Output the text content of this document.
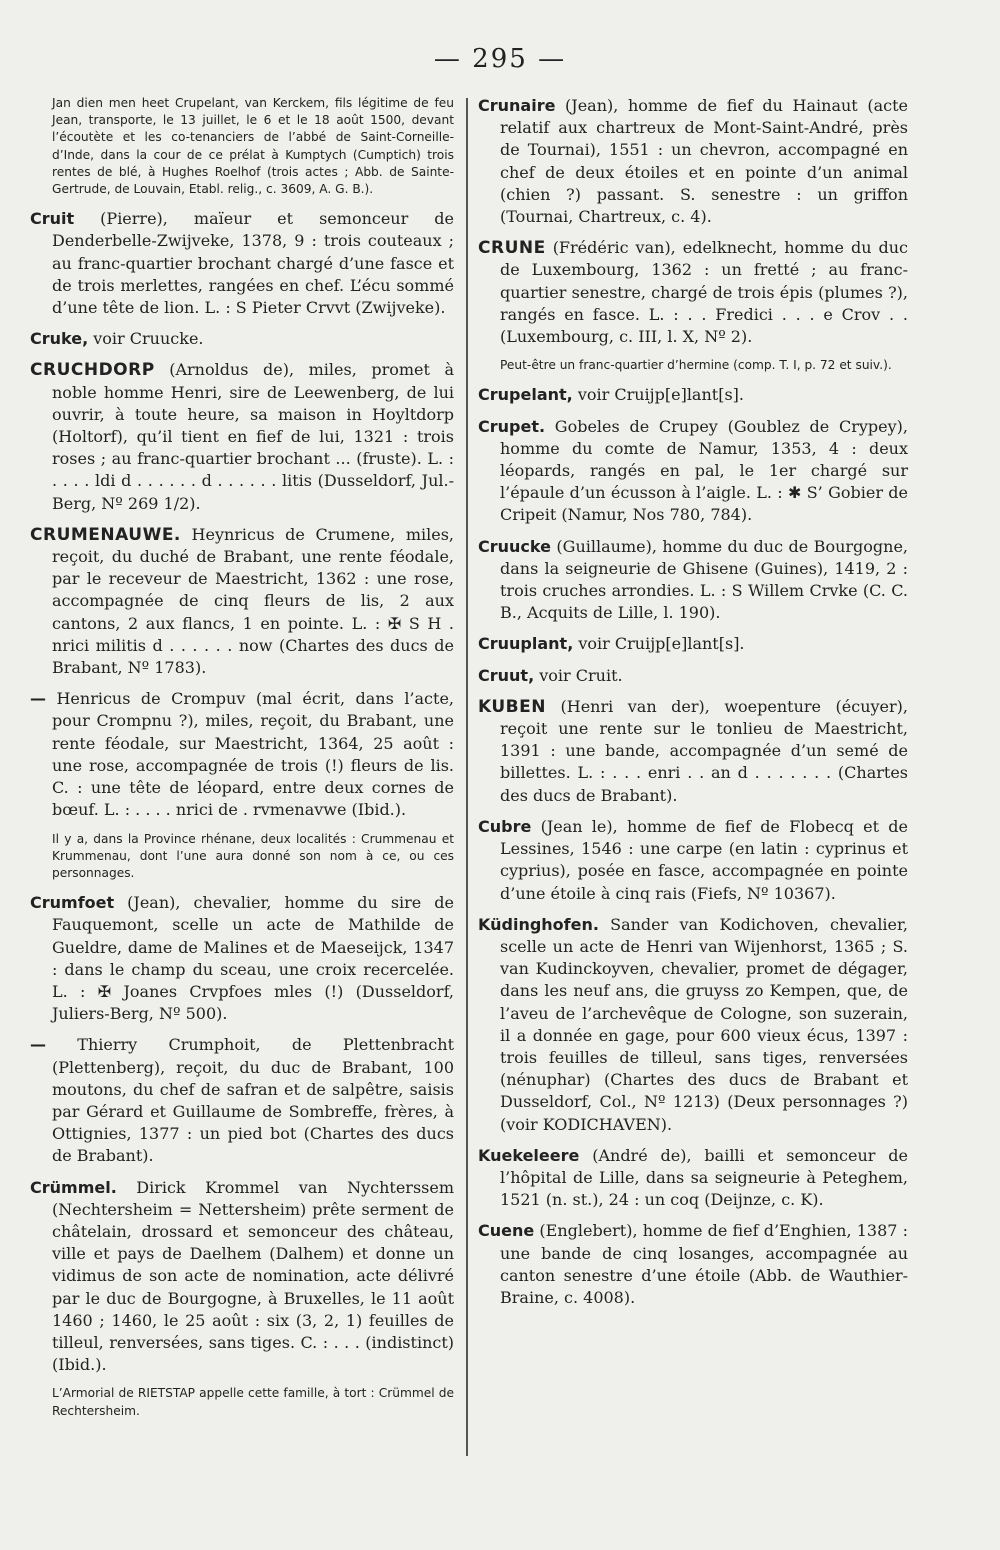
— 295 —

Jan dien men heet Crupelant, van Kerckem, fils légitime de feu Jean, transporte, le 13 juillet, le 6 et le 18 août 1500, devant l’écoutète et les co-tenanciers de l’abbé de Saint-Corneille-d’Inde, dans la cour de ce prélat à Kumptych (Cumptich) trois rentes de blé, à Hughes Roelhof (trois actes ; Abb. de Sainte-Gertrude, de Louvain, Etabl. relig., c. 3609, A. G. B.).

Cruit (Pierre), maïeur et semonceur de Denderbelle-Zwijveke, 1378, 9 : trois couteaux ; au franc-quartier brochant chargé d’une fasce et de trois merlettes, rangées en chef. L’écu sommé d’une tête de lion. L. : S Pieter Crvvt (Zwijveke).

Cruke, voir Cruucke.

CRUCHDORP (Arnoldus de), miles, promet à noble homme Henri, sire de Leewenberg, de lui ouvrir, à toute heure, sa maison in Hoyltdorp (Holtorf), qu’il tient en fief de lui, 1321 : trois roses ; au franc-quartier brochant ... (fruste). L. : . . . . ldi d . . . . . . d . . . . . . litis (Dusseldorf, Jul.-Berg, Nº 269 1/2).

CRUMENAUWE. Heynricus de Crumene, miles, reçoit, du duché de Brabant, une rente féodale, par le receveur de Maestricht, 1362 : une rose, accompagnée de cinq fleurs de lis, 2 aux cantons, 2 aux flancs, 1 en pointe. L. : ✠ S H . nrici militis d . . . . . . now (Chartes des ducs de Brabant, Nº 1783).

— Henricus de Crompuv (mal écrit, dans l’acte, pour Crompnu ?), miles, reçoit, du Brabant, une rente féodale, sur Maestricht, 1364, 25 août : une rose, accompagnée de trois (!) fleurs de lis. C. : une tête de léopard, entre deux cornes de bœuf. L. : . . . . nrici de . rvmenavwe (Ibid.).

Il y a, dans la Province rhénane, deux localités : Crummenau et Krummenau, dont l’une aura donné son nom à ce, ou ces personnages.

Crumfoet (Jean), chevalier, homme du sire de Fauquemont, scelle un acte de Mathilde de Gueldre, dame de Malines et de Maeseijck, 1347 : dans le champ du sceau, une croix recercelée. L. : ✠ Joanes Crvpfoes mles (!) (Dusseldorf, Juliers-Berg, Nº 500).

— Thierry Crumphoit, de Plettenbracht (Plettenberg), reçoit, du duc de Brabant, 100 moutons, du chef de safran et de salpêtre, saisis par Gérard et Guillaume de Sombreffe, frères, à Ottignies, 1377 : un pied bot (Chartes des ducs de Brabant).

Crümmel. Dirick Krommel van Nychterssem (Nechtersheim = Nettersheim) prête serment de châtelain, drossard et semonceur des château, ville et pays de Daelhem (Dalhem) et donne un vidimus de son acte de nomination, acte délivré par le duc de Bourgogne, à Bruxelles, le 11 août 1460 ; 1460, le 25 août : six (3, 2, 1) feuilles de tilleul, renversées, sans tiges. C. : . . . (indistinct) (Ibid.).

L’Armorial de RIETSTAP appelle cette famille, à tort : Crümmel de Rechtersheim.

Crunaire (Jean), homme de fief du Hainaut (acte relatif aux chartreux de Mont-Saint-André, près de Tournai), 1551 : un chevron, accompagné en chef de deux étoiles et en pointe d’un animal (chien ?) passant. S. senestre : un griffon (Tournai, Chartreux, c. 4).

CRUNE (Frédéric van), edelknecht, homme du duc de Luxembourg, 1362 : un fretté ; au franc-quartier senestre, chargé de trois épis (plumes ?), rangés en fasce. L. : . . Fredici . . . e Crov . . (Luxembourg, c. III, l. X, Nº 2).

Peut-être un franc-quartier d’hermine (comp. T. I, p. 72 et suiv.).

Crupelant, voir Cruijp[e]lant[s].

Crupet. Gobeles de Crupey (Goublez de Crypey), homme du comte de Namur, 1353, 4 : deux léopards, rangés en pal, le 1er chargé sur l’épaule d’un écusson à l’aigle. L. : ✱ S’ Gobier de Cripeit (Namur, Nos 780, 784).

Cruucke (Guillaume), homme du duc de Bourgogne, dans la seigneurie de Ghisene (Guines), 1419, 2 : trois cruches arrondies. L. : S Willem Crvke (C. C. B., Acquits de Lille, l. 190).

Cruuplant, voir Cruijp[e]lant[s].

Cruut, voir Cruit.

KUBEN (Henri van der), woepenture (écuyer), reçoit une rente sur le tonlieu de Maestricht, 1391 : une bande, accompagnée d’un semé de billettes. L. : . . . enri . . an d . . . . . . . (Chartes des ducs de Brabant).

Cubre (Jean le), homme de fief de Flobecq et de Lessines, 1546 : une carpe (en latin : cyprinus et cyprius), posée en fasce, accompagnée en pointe d’une étoile à cinq rais (Fiefs, Nº 10367).

Küdinghofen. Sander van Kodichoven, chevalier, scelle un acte de Henri van Wijenhorst, 1365 ; S. van Kudinckoyven, chevalier, promet de dégager, dans les neuf ans, die gruyss zo Kempen, que, de l’aveu de l’archevêque de Cologne, son suzerain, il a donnée en gage, pour 600 vieux écus, 1397 : trois feuilles de tilleul, sans tiges, renversées (nénuphar) (Chartes des ducs de Brabant et Dusseldorf, Col., Nº 1213) (Deux personnages ?) (voir KODICHAVEN).

Kuekeleere (André de), bailli et semonceur de l’hôpital de Lille, dans sa seigneurie à Peteghem, 1521 (n. st.), 24 : un coq (Deijnze, c. K).

Cuene (Englebert), homme de fief d’Enghien, 1387 : une bande de cinq losanges, accompagnée au canton senestre d’une étoile (Abb. de Wauthier-Braine, c. 4008).
